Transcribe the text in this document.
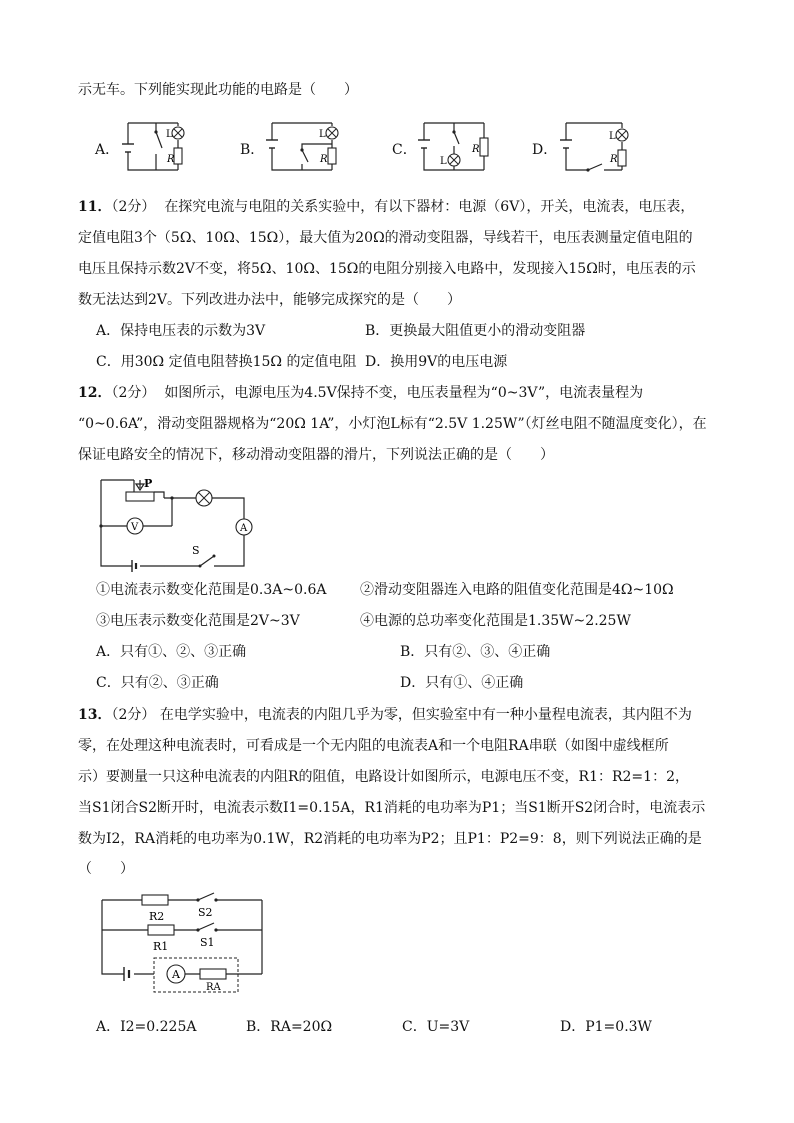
示无车。下列能实现此功能的电路是（　　）
A．
L
R
B．
L
R
C．
L
R	D．
L
R
11．（2分） 在探究电流与电阻的关系实验中，有以下器材：电源（6V），开关，电流表，电压表，
定值电阻3个（5Ω、10Ω、15Ω），最大值为20Ω的滑动变阻器，导线若干，电压表测量定值电阻的
电压且保持示数2V不变，将5Ω、10Ω、15Ω的电阻分别接入电路中，发现接入15Ω时，电压表的示
数无法达到2V。下列改进办法中，能够完成探究的是（　　）
A．保持电压表的示数为3V	B．更换最大阻值更小的滑动变阻器
C．用30Ω 定值电阻替换15Ω 的定值电阻 D．换用9V的电压电源
12．（2分） 如图所示，电源电压为4.5V保持不变，电压表量程为“0~3V”，电流表量程为
“0~0.6A”，滑动变阻器规格为“20Ω 1A”，小灯泡L标有“2.5V 1.25W”（灯丝电阻不随温度变化），在
保证电路安全的情况下，移动滑动变阻器的滑片，下列说法正确的是（　　）
P
V	A
S
①电流表示数变化范围是0.3A~0.6A ②滑动变阻器连入电路的阻值变化范围是4Ω~10Ω
③电压表示数变化范围是2V~3V	④电源的总功率变化范围是1.35W~2.25W
A．只有①、②、③正确	B．只有②、③、④正确
C．只有②、③正确	D．只有①、④正确
13．（2分） 在电学实验中，电流表的内阻几乎为零，但实验室中有一种小量程电流表，其内阻不为
零，在处理这种电流表时，可看成是一个无内阻的电流表A和一个电阻RA串联（如图中虚线框所
示）要测量一只这种电流表的内阻R的阻值，电路设计如图所示，电源电压不变，R1：R2=1：2，
当S1闭合S2断开时，电流表示数I1=0.15A，R1消耗的电功率为P1；当S1断开S2闭合时，电流表示
数为I2，RA消耗的电功率为0.1W，R2消耗的电功率为P2；且P1：P2=9：8，则下列说法正确的是
（　　）
R2	S2
R1	S1
A
RA
A．I2=0.225A	B．RA=20Ω	C．U=3V	D．P1=0.3W
